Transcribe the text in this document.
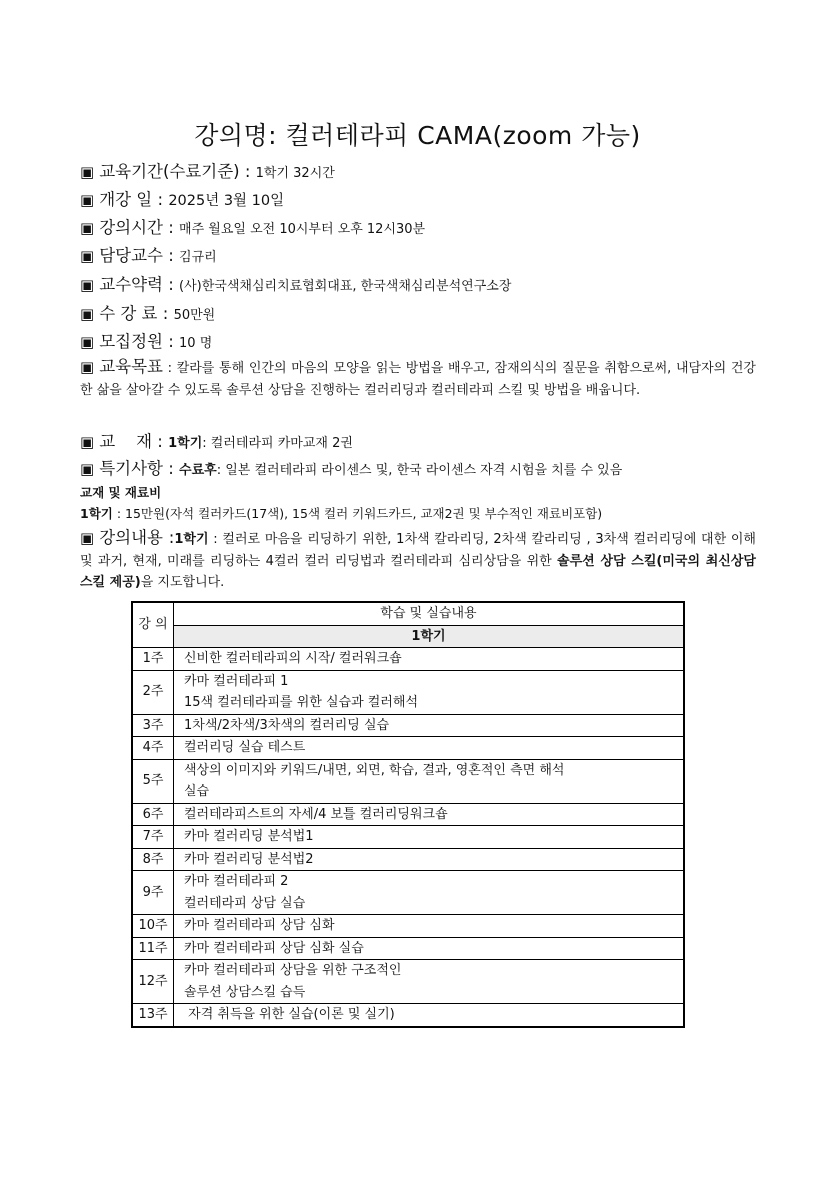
강의명: 컬러테라피 CAMA(zoom 가능)
▣ 교육기간(수료기준) : 1학기 32시간
▣ 개강 일 : 2025년 3월 10일
▣ 강의시간 : 매주 월요일 오전 10시부터 오후 12시30분
▣ 담당교수 : 김규리
▣ 교수약력 : (사)한국색채심리치료협회대표, 한국색채심리분석연구소장
▣ 수 강 료 : 50만원
▣ 모집정원 : 10 명
▣ 교육목표 : 칼라를 통해 인간의 마음의 모양을 읽는 방법을 배우고, 잠재의식의 질문을 취함으로써, 내담자의 건강한 삶을 살아갈 수 있도록 솔루션 상담을 진행하는 컬러리딩과 컬러테라피 스킬 및 방법을 배웁니다.
▣ 교    재 : 1학기: 컬러테라피 카마교재 2권
▣ 특기사항 : 수료후: 일본 컬러테라피 라이센스 및, 한국 라이센스 자격 시험을 치를 수 있음
교재 및 재료비
1학기 : 15만원(자석 컬러카드(17색), 15색 컬러 키워드카드, 교재2권 및 부수적인 재료비포함)
▣ 강의내용 :1학기 : 컬러로 마음을 리딩하기 위한, 1차색 칼라리딩, 2차색 칼라리딩 , 3차색 컬러리딩에 대한 이해 및 과거, 현재, 미래를 리딩하는 4컬러 컬러 리딩법과 컬러테라피 심리상담을 위한 솔루션 상담 스킬(미국의 최신상담 스킬 제공)을 지도합니다.
강 의	학습 및 실습내용
	1학기
1주	신비한 컬러테라피의 시작/ 컬러워크숍

2주	카마 컬러테라피 1
15색 컬러테라피를 위한 실습과 컬러해석

3주	1차색/2차색/3차색의 컬러리딩 실습

4주	컬러리딩 실습 테스트

5주	색상의 이미지와 키워드/내면, 외면, 학습, 결과, 영혼적인 측면 해석
실습

6주	컬러테라피스트의 자세/4 보틀 컬러리딩워크숍

7주	카마 컬러리딩 분석법1

8주	카마 컬러리딩 분석법2

9주	카마 컬러테라피 2
컬러테라피 상담 실습

10주	카마 컬러테라피 상담 심화

11주	카마 컬러테라피 상담 심화 실습

12주	카마 컬러테라피 상담을 위한 구조적인
솔루션 상담스킬 습득

13주	자격 취득을 위한 실습(이론 및 실기)
